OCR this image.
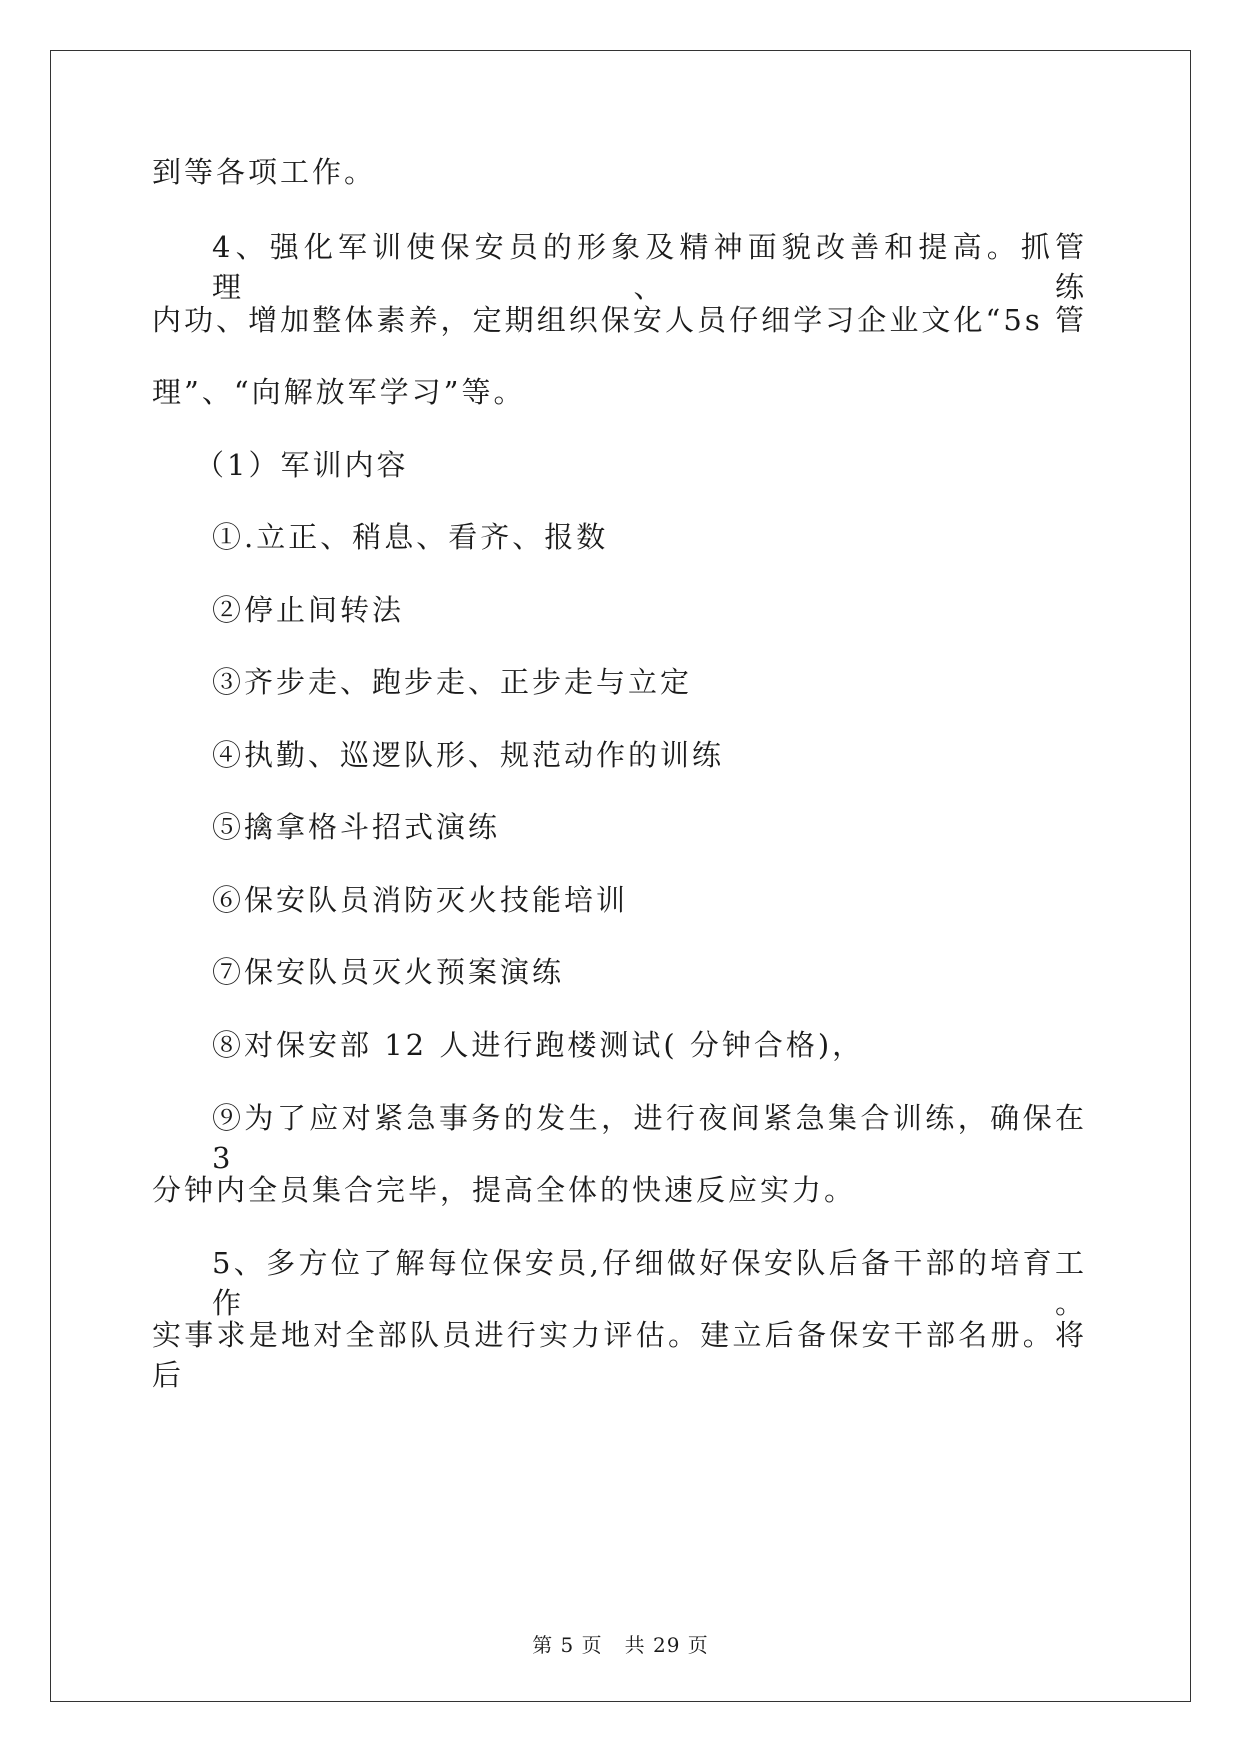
到等各项工作。
4、强化军训使保安员的形象及精神面貌改善和提高。抓管理、练
内功、增加整体素养，定期组织保安人员仔细学习企业文化“5s 管
理”、“向解放军学习”等。
（1）军训内容
①.立正、稍息、看齐、报数
②停止间转法
③齐步走、跑步走、正步走与立定
④执勤、巡逻队形、规范动作的训练
⑤擒拿格斗招式演练
⑥保安队员消防灭火技能培训
⑦保安队员灭火预案演练
⑧对保安部 12 人进行跑楼测试( 分钟合格)，
⑨为了应对紧急事务的发生，进行夜间紧急集合训练，确保在 3
分钟内全员集合完毕，提高全体的快速反应实力。
5、多方位了解每位保安员,仔细做好保安队后备干部的培育工作。
实事求是地对全部队员进行实力评估。建立后备保安干部名册。将后
第 5 页 共 29 页
